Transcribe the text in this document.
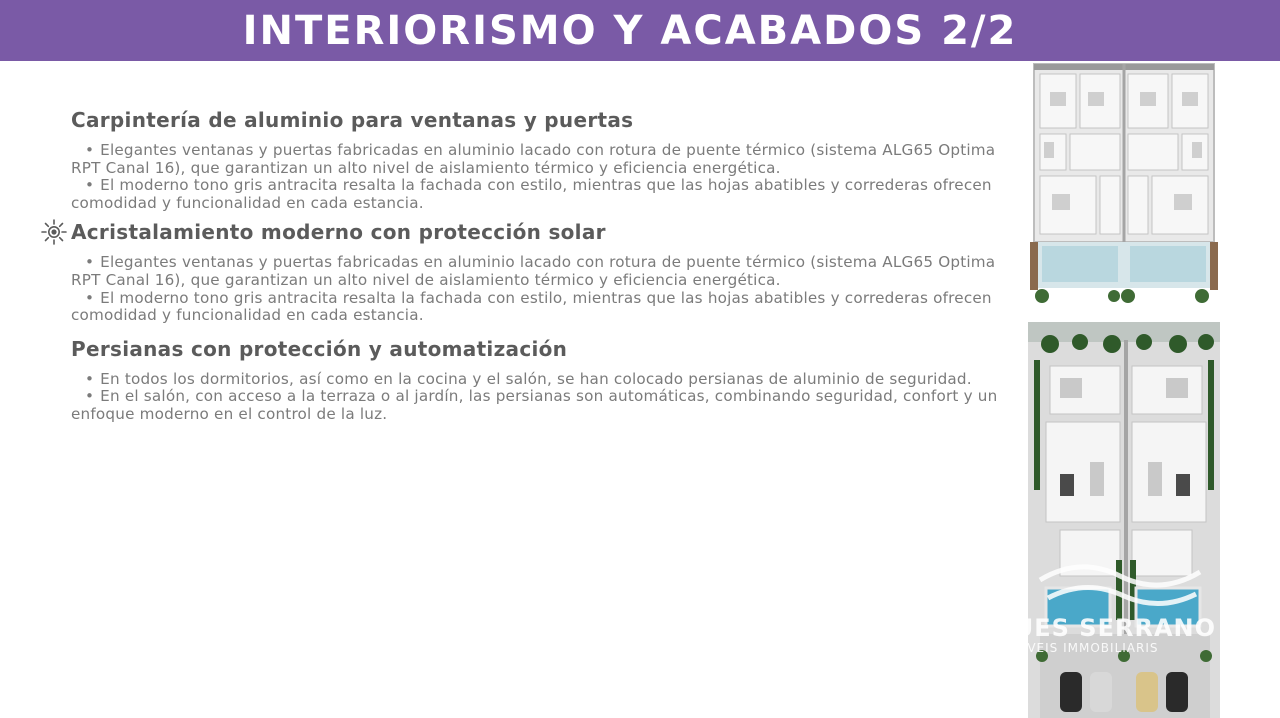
INTERIORISMO Y ACABADOS 2/2
Carpintería de aluminio para ventanas y puertas

• Elegantes ventanas y puertas fabricadas en aluminio lacado con rotura de puente térmico (sistema ALG65 Optima RPT Canal 16), que garantizan un alto nivel de aislamiento térmico y eficiencia energética.

• El moderno tono gris antracita resalta la fachada con estilo, mientras que las hojas abatibles y correderas ofrecen comodidad y funcionalidad en cada estancia.

Acristalamiento moderno con protección solar

• Elegantes ventanas y puertas fabricadas en aluminio lacado con rotura de puente térmico (sistema ALG65 Optima RPT Canal 16), que garantizan un alto nivel de aislamiento térmico y eficiencia energética.

• El moderno tono gris antracita resalta la fachada con estilo, mientras que las hojas abatibles y correderas ofrecen comodidad y funcionalidad en cada estancia.

Persianas con protección y automatización

• En todos los dormitorios, así como en la cocina y el salón, se han colocado persianas de aluminio de seguridad.

• En el salón, con acceso a la terraza o al jardín, las persianas son automáticas, combinando seguridad, confort y un enfoque moderno en el control de la luz.

FINQUES SERRANO
SERVEIS IMMOBILIARIS
